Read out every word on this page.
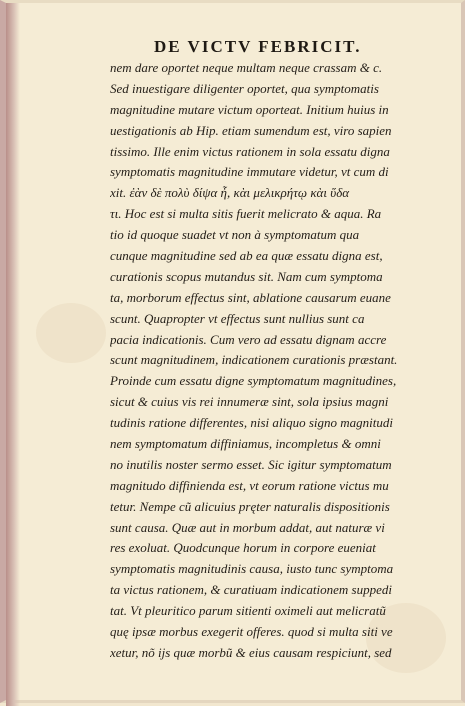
DE VICTV FEBRICIT.
nem dare oportet neque multam neque crassam & c.
Sed inuestigare diligenter oportet, qua symptomatis
magnitudine mutare victum oporteat. Initium huius in
uestigationis ab Hip. etiam sumendum est, viro sapien
tissimo. Ille enim victus rationem in sola essatu digna
symptomatis magnitudine immutare videtur, vt cum di
xit. ἐὰν δὲ πολὺ δίψα ἦ, κὰι μελικρήτῳ κὰι ὕδα
τι. Hoc est si multa sitis fuerit melicrato & aqua. Ra
tio id quoque suadet vt non à symptomatum qua
cunque magnitudine sed ab ea quæ essatu digna est,
curationis scopus mutandus sit. Nam cum symptoma
ta, morborum effectus sint, ablatione causarum euane
scunt. Quapropter vt effectus sunt nullius sunt ca
pacia indicationis. Cum vero ad essatu dignam accre
scunt magnitudinem, indicationem curationis præstant.
Proinde cum essatu digne symptomatum magnitudines,
sicut & cuius vis rei innumeræ sint, sola ipsius magni
tudinis ratione differentes, nisi aliquo signo magnitudi
nem symptomatum diffiniamus, incompletus & omni
no inutilis noster sermo esset. Sic igitur symptomatum
magnitudo diffinienda est, vt eorum ratione victus mu
tetur. Nempe cũ alicuius pręter naturalis dispositionis
sunt causa. Quæ aut in morbum addat, aut naturæ vi
res exoluat. Quodcunque horum in corpore eueniat
symptomatis magnitudinis causa, iusto tunc symptoma
ta victus rationem, & curatiuam indicationem suppedi
tat. Vt pleuritico parum sitienti oximeli aut melicratũ
quę ipsæ morbus exegerit offeres. quod si multa siti ve
xetur, nõ ijs quæ morbũ & eius causam respiciunt, sed
